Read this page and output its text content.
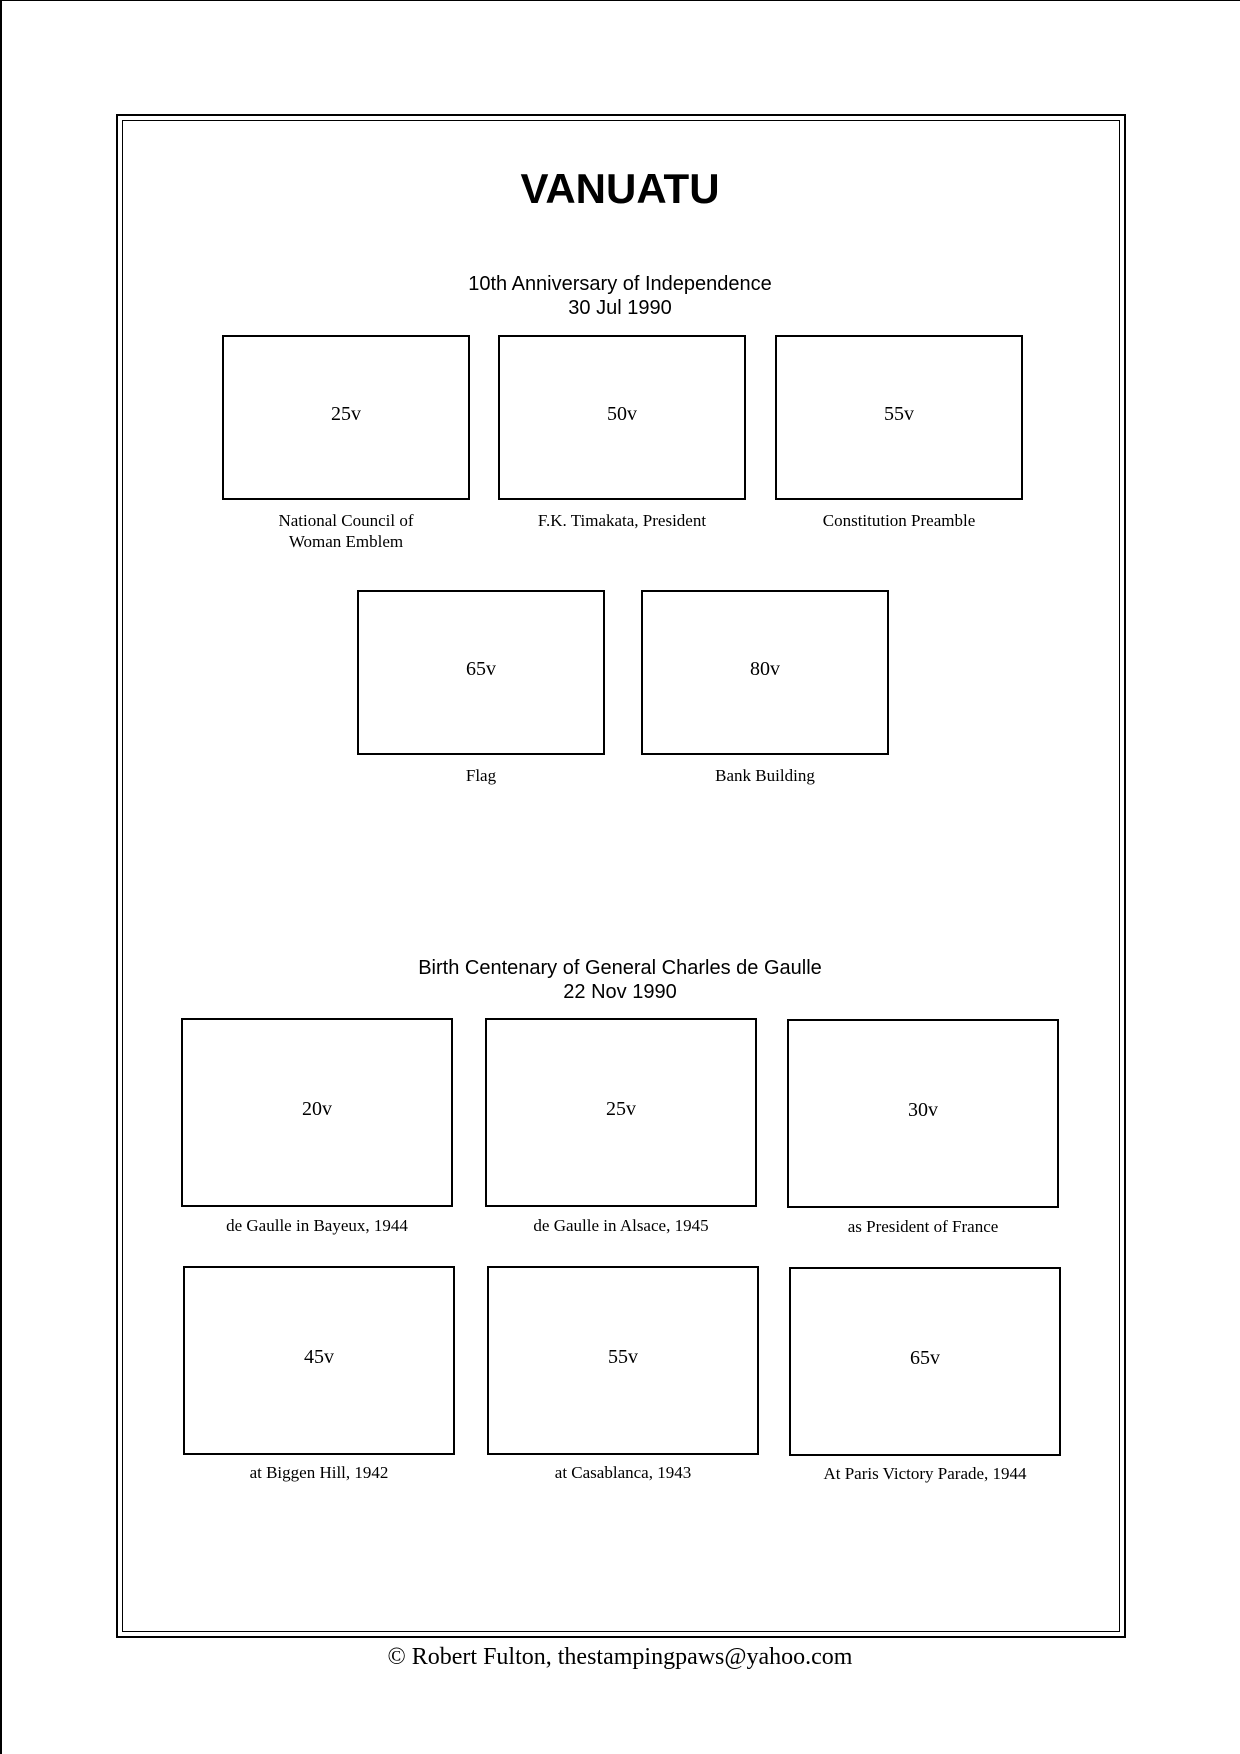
VANUATU
10th Anniversary of Independence
30 Jul 1990
25v
National Council of
Woman Emblem
50v
F.K. Timakata, President
55v
Constitution Preamble
65v
Flag
80v
Bank Building
Birth Centenary of General Charles de Gaulle
22 Nov 1990
20v
de Gaulle in Bayeux, 1944
25v
de Gaulle in Alsace, 1945
30v
as President of France
45v
at Biggen Hill, 1942
55v
at Casablanca, 1943
65v
At Paris Victory Parade, 1944
© Robert Fulton, thestampingpaws@yahoo.com
